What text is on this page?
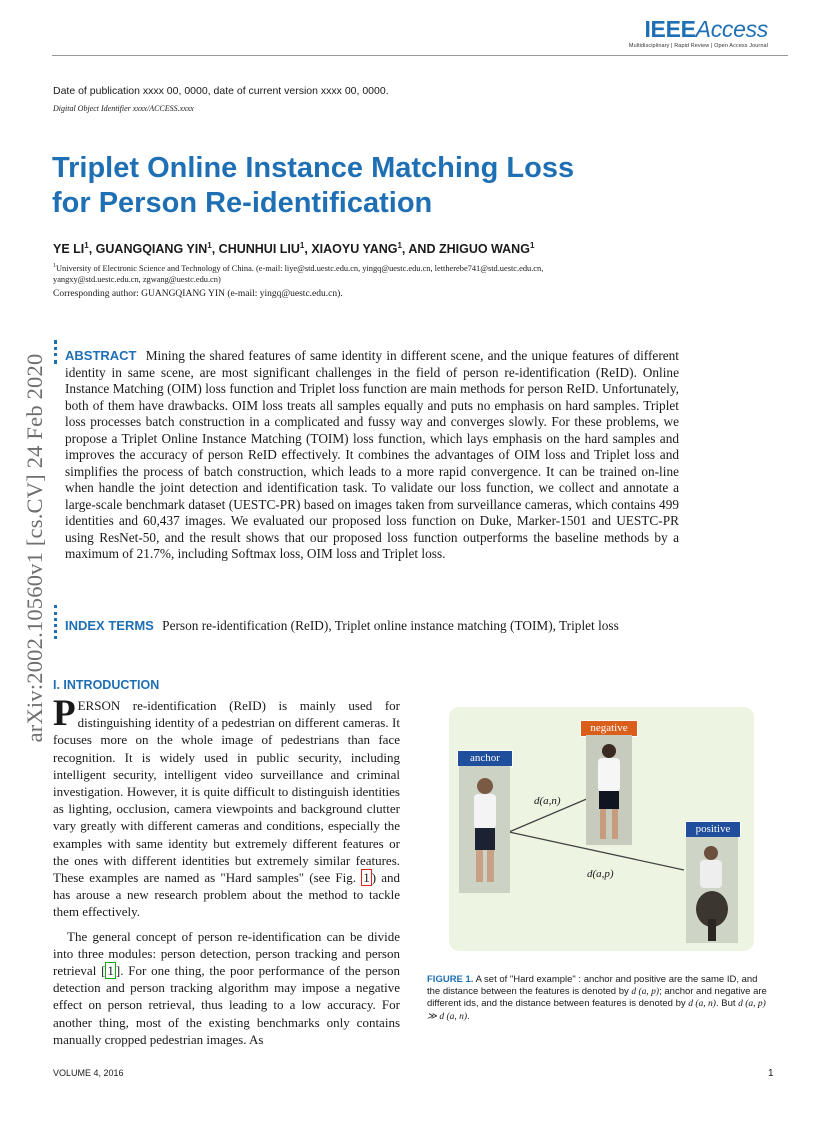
IEEEAccess
Multidisciplinary | Rapid Review | Open Access Journal
Date of publication xxxx 00, 0000, date of current version xxxx 00, 0000.
Digital Object Identifier xxxx/ACCESS.xxxx
Triplet Online Instance Matching Loss
for Person Re-identification
YE $LI^1$, GUANGQIANG YIN$^1$, CHUNHUI LIU$^1$, XIAOYU YANG$^1$, AND ZHIGUO WANG$^1$
$^1$University of Electronic Science and Technology of China. (e-mail: liye@std.uestc.edu.cn, yingq@uestc.edu.cn, lettherebe741@std.uestc.edu.cn, yangxy@std.uestc.edu.cn, zgwang@uestc.edu.cn)
Corresponding author: GUANGQIANG YIN (e-mail: yingq@uestc.edu.cn).
arXiv:2002.10560v1 [cs.CV] 24 Feb 2020 ABSTRACT Mining the shared features of same identity in different scene, and the unique features of different identity in same scene, are most significant challenges in the field of person re-identification (ReID). Online Instance Matching (OIM) loss function and Triplet loss function are main methods for person ReID. Unfortunately, both of them have drawbacks. OIM loss treats all samples equally and puts no emphasis on hard samples. Triplet loss processes batch construction in a complicated and fussy way and converges slowly. For these problems, we propose a Triplet Online Instance Matching (TOIM) loss function, which lays emphasis on the hard samples and improves the accuracy of person ReID effectively. It combines the advantages of OIM loss and Triplet loss and simplifies the process of batch construction, which leads to a more rapid convergence. It can be trained on-line when handle the joint detection and identification task. To validate our loss function, we collect and annotate a large-scale benchmark dataset (UESTC-PR) based on images taken from surveillance cameras, which contains 499 identities and 60,437 images. We evaluated our proposed loss function on Duke, Marker-1501 and UESTC-PR using ResNet-50, and the result shows that our proposed loss function outperforms the baseline methods by a maximum of 21.7%, including Softmax loss, OIM loss and Triplet loss.
INDEX TERMS Person re-identification (ReID), Triplet online instance matching (TOIM), Triplet loss
I. INTRODUCTION

PERSON re-identification (ReID) is mainly used for distinguishing identity of a pedestrian on different cameras. It focuses more on the whole image of pedestrians than face recognition. It is widely used in public security, including intelligent security, intelligent video surveillance and criminal investigation. However, it is quite difficult to distinguish identities as lighting, occlusion, camera viewpoints and background clutter vary greatly with different cameras and conditions, especially the examples with same identity but extremely different features or the ones with different identities but extremely similar features. These examples are named as "Hard samples" (see Fig. 1 ) and has arouse a new research problem about the method to tackle them effectively.

The general concept of person re-identification can be divide into three modules: person detection, person tracking and person retrieval [ 1 ]. For one thing, the poor performance of the person detection and person tracking algorithm may impose a negative effect on person retrieval, thus leading to a low accuracy. For another thing, most of the existing benchmarks only contains manually cropped pedestrian images. As

anchor
negative
positive
d(a,n)
d(a,p)
FIGURE 1. A set of "Hard example" : anchor and positive are the same ID, and the distance between the features is denoted by d (a, p); anchor and negative are different ids, and the distance between features is denoted by d (a, n). But d (a, p) ≫ d (a, n).
VOLUME 4, 2016	1
